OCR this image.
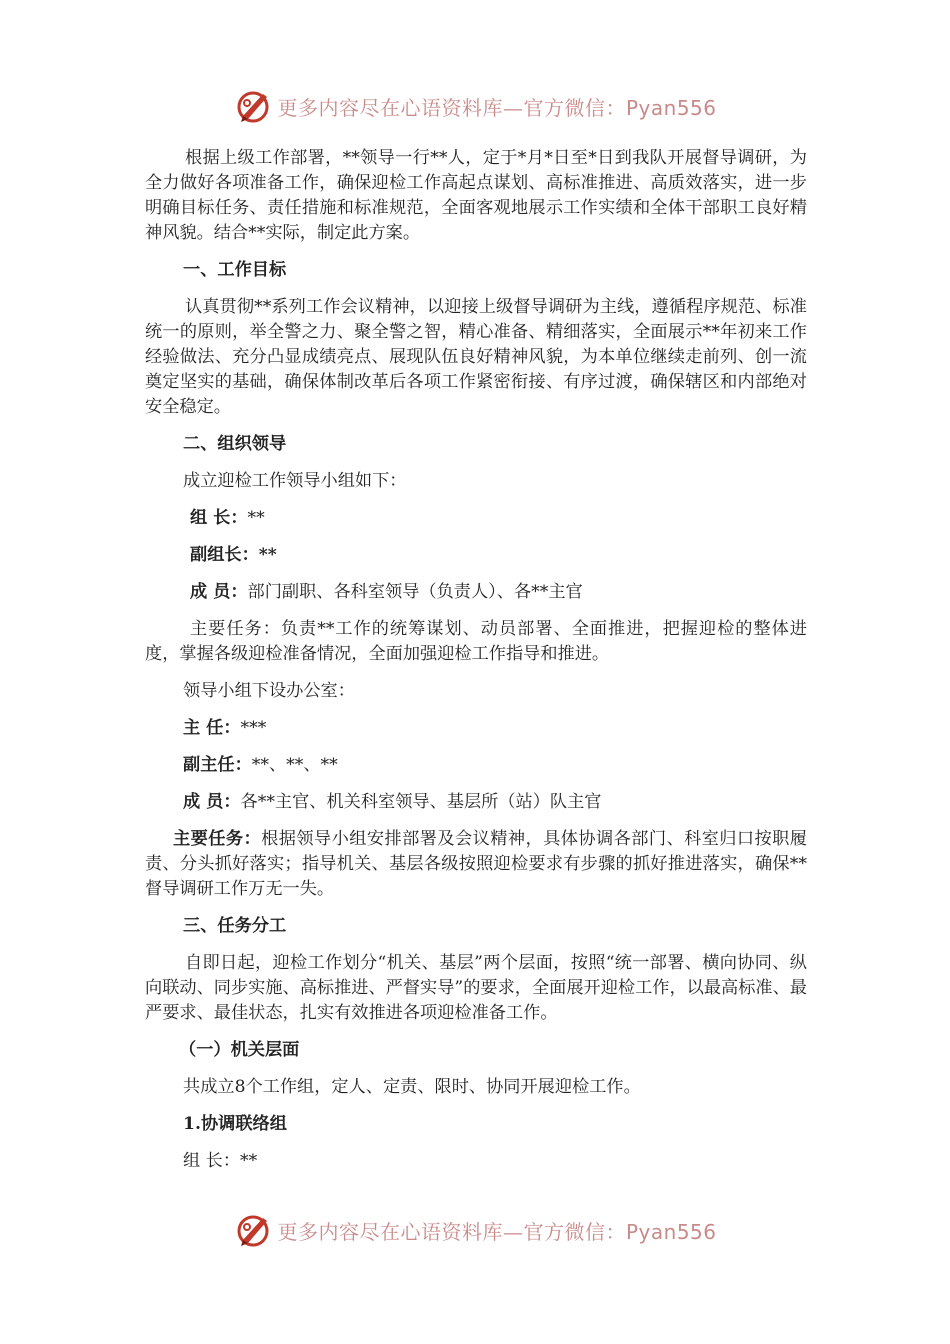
更多内容尽在心语资料库—官方微信：Pyan556

根据上级工作部署，**领导一行**人，定于*月*日至*日到我队开展督导调研，为全力做好各项准备工作，确保迎检工作高起点谋划、高标准推进、高质效落实，进一步明确目标任务、责任措施和标准规范，全面客观地展示工作实绩和全体干部职工良好精神风貌。结合**实际，制定此方案。

一、工作目标

认真贯彻**系列工作会议精神，以迎接上级督导调研为主线，遵循程序规范、标准统一的原则，举全警之力、聚全警之智，精心准备、精细落实，全面展示**年初来工作经验做法、充分凸显成绩亮点、展现队伍良好精神风貌，为本单位继续走前列、创一流奠定坚实的基础，确保体制改革后各项工作紧密衔接、有序过渡，确保辖区和内部绝对安全稳定。

二、组织领导

成立迎检工作领导小组如下：

组 长：**

副组长：**

成 员：部门副职、各科室领导（负责人）、各**主官

主要任务：负责**工作的统筹谋划、动员部署、全面推进，把握迎检的整体进度，掌握各级迎检准备情况，全面加强迎检工作指导和推进。

领导小组下设办公室：

主 任：***

副主任：**、**、**

成 员：各**主官、机关科室领导、基层所（站）队主官

主要任务：根据领导小组安排部署及会议精神，具体协调各部门、科室归口按职履责、分头抓好落实；指导机关、基层各级按照迎检要求有步骤的抓好推进落实，确保**督导调研工作万无一失。

三、任务分工

自即日起，迎检工作划分“机关、基层”两个层面，按照“统一部署、横向协同、纵向联动、同步实施、高标推进、严督实导”的要求，全面展开迎检工作，以最高标准、最严要求、最佳状态，扎实有效推进各项迎检准备工作。

（一）机关层面

共成立8个工作组，定人、定责、限时、协同开展迎检工作。

1.协调联络组

组 长：**

更多内容尽在心语资料库—官方微信：Pyan556
